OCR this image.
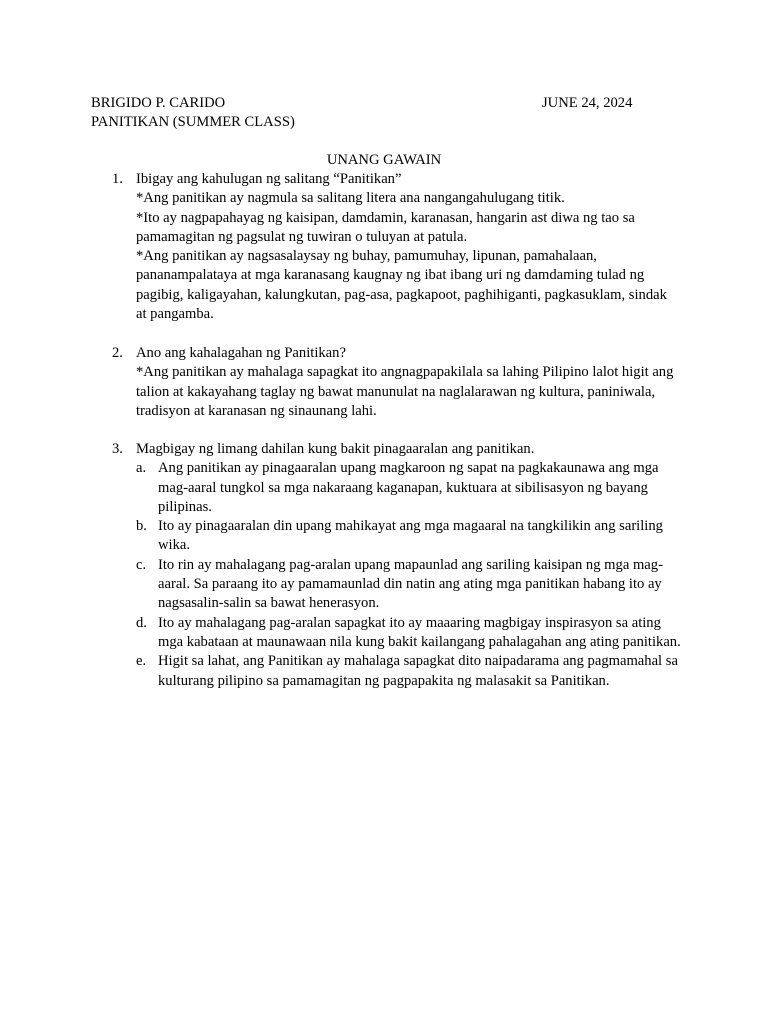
BRIGIDO P. CARIDO
PANITIKAN (SUMMER CLASS)
JUNE 24, 2024
UNANG GAWAIN
1. Ibigay ang kahulugan ng salitang “Panitikan”

*Ang panitikan ay nagmula sa salitang litera ana nangangahulugang titik.

*Ito ay nagpapahayag ng kaisipan, damdamin, karanasan, hangarin ast diwa ng tao sa pamamagitan ng pagsulat ng tuwiran o tuluyan at patula.

*Ang panitikan ay nagsasalaysay ng buhay, pamumuhay, lipunan, pamahalaan, pananampalataya at mga karanasang kaugnay ng ibat ibang uri ng damdaming tulad ng pagibig, kaligayahan, kalungkutan, pag-asa, pagkapoot, paghihiganti, pagkasuklam, sindak at pangamba.

2. Ano ang kahalagahan ng Panitikan?

*Ang panitikan ay mahalaga sapagkat ito angnagpapakilala sa lahing Pilipino lalot higit ang talion at kakayahang taglay ng bawat manunulat na naglalarawan ng kultura, paniniwala, tradisyon at karanasan ng sinaunang lahi.

3. Magbigay ng limang dahilan kung bakit pinagaaralan ang panitikan.

a. Ang panitikan ay pinagaaralan upang magkaroon ng sapat na pagkakaunawa ang mga mag-aaral tungkol sa mga nakaraang kaganapan, kuktuara at sibilisasyon ng bayang pilipinas.

b. Ito ay pinagaaralan din upang mahikayat ang mga magaaral na tangkilikin ang sariling wika.

c. Ito rin ay mahalagang pag-aralan upang mapaunlad ang sariling kaisipan ng mga mag-aaral. Sa paraang ito ay pamamaunlad din natin ang ating mga panitikan habang ito ay nagsasalin-salin sa bawat henerasyon.

d. Ito ay mahalagang pag-aralan sapagkat ito ay maaaring magbigay inspirasyon sa ating mga kabataan at maunawaan nila kung bakit kailangang pahalagahan ang ating panitikan.

e. Higit sa lahat, ang Panitikan ay mahalaga sapagkat dito naipadarama ang pagmamahal sa kulturang pilipino sa pamamagitan ng pagpapakita ng malasakit sa Panitikan.
